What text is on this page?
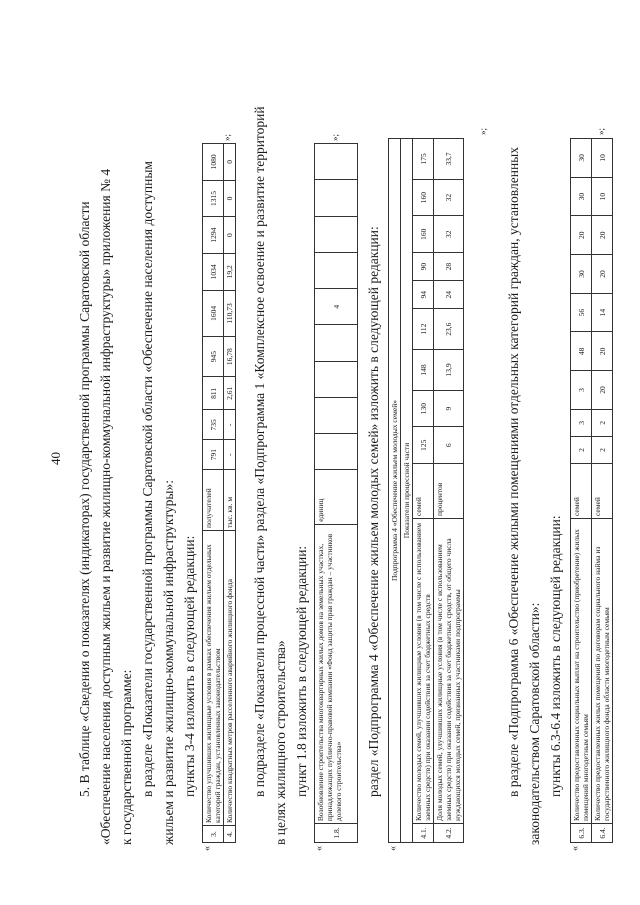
40 5. В таблице «Сведения о показателях (индикаторах) государственной программы Саратовской области «Обеспечение населения доступным жильем и развитие жилищно-коммунальной инфраструктуры» приложения № 4 к государственной программе: в разделе «Показатели государственной программы Саратовской области «Обеспечение населения доступным жильем и развитие жилищно-коммунальной инфраструктуры»: пункты 3-4 изложить в следующей редакции:
«
3.	Количество улучшивших жилищные условия в рамках обеспечения жильем отдельных категорий граждан, установленных законодательством	получателей	791	735	811	945	1604	1034	1294	1315	1080
4.	Количество квадратных метров расселенного аварийного жилищного фонда	тыс. кв. м	-	-	2,61	16,78	110,73	19,2	0	0	0
»; в подразделе «Показатели процессной части» раздела «Подпрограмма 1 «Комплексное освоение и развитие территорий в целях жилищного строительства» пункт 1.8 изложить в следующей редакции:
«
1.8.	Возобновление строительства многоквартирных жилых домов на земельных участках, принадлежащих публично-правовой компании «Фонд защиты прав граждан – участников долевого строительства»	единиц					4				
»;
раздел «Подпрограмма 4 «Обеспечение жильем молодых семей» изложить в следующей редакции:
«
Подпрограмма 4 «Обеспечение жильем молодых семей»											
Показатели процессной части											
4.1.	Количество молодых семей, улучшивших жилищные условия (в том числе с использованием заемных средств) при оказании содействия за счет бюджетных средств	семей	125	130	148	112	94	90	160	160	175
4.2.	Доля молодых семей, улучшивших жилищные условия (в том числе с использованием заемных средств) при оказании содействия за счет бюджетных средств, от общего числа нуждающихся молодых семей, признанных участниками подпрограммы	процентов	6	9	13,9	23,6	24	28	32	32	33,7
»;
в разделе «Подпрограмма 6 «Обеспечение жилыми помещениями отдельных категорий граждан, установленных законодательством Саратовской области»: пункты 6.3-6.4 изложить в следующей редакции:
«
6.3.	Количество предоставленных социальных выплат на строительство (приобретение) жилых помещений многодетным семьям	семей	2	3	3	48	56	30	20	30	30
6.4.	Количество предоставленных жилых помещений по договорам социального найма из государственного жилищного фонда области многодетным семьям	семей	2	2	20	20	14	20	20	10	10
»;
